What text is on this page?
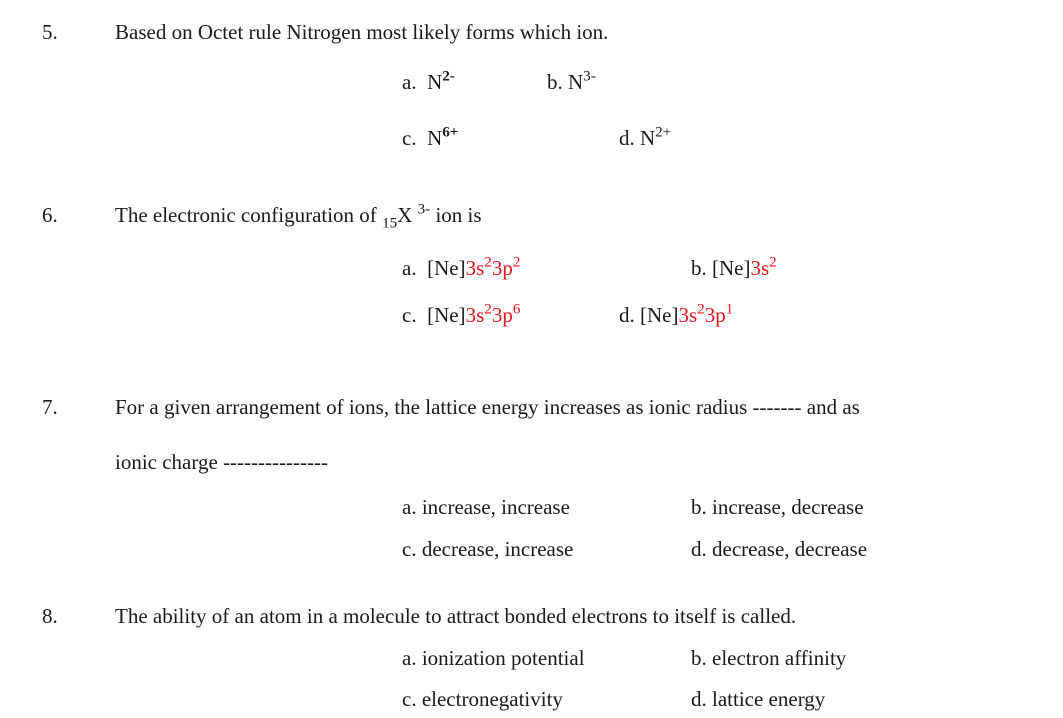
5.	Based on Octet rule Nitrogen most likely forms which ion.
a. $N^{2-}$	b. $N^{3-}$
c. $N^{6+}$	d. $N^{2+}$
6.	The electronic configuration of $_{15}$X $^{3-}$ ion is
a. $[Ne]3s^23p^2$	b. $[Ne]3s^2$
c. $[Ne]3s^23p^6$	d. $[Ne]3s^23p^1$
7.	For a given arrangement of ions, the lattice energy increases as ionic radius ------- and as
ionic charge ---------------
a. increase, increase	b. increase, decrease
c. decrease, increase	d. decrease, decrease
8.	The ability of an atom in a molecule to attract bonded electrons to itself is called.
a. ionization potential	b. electron affinity
c. electronegativity	d. lattice energy
